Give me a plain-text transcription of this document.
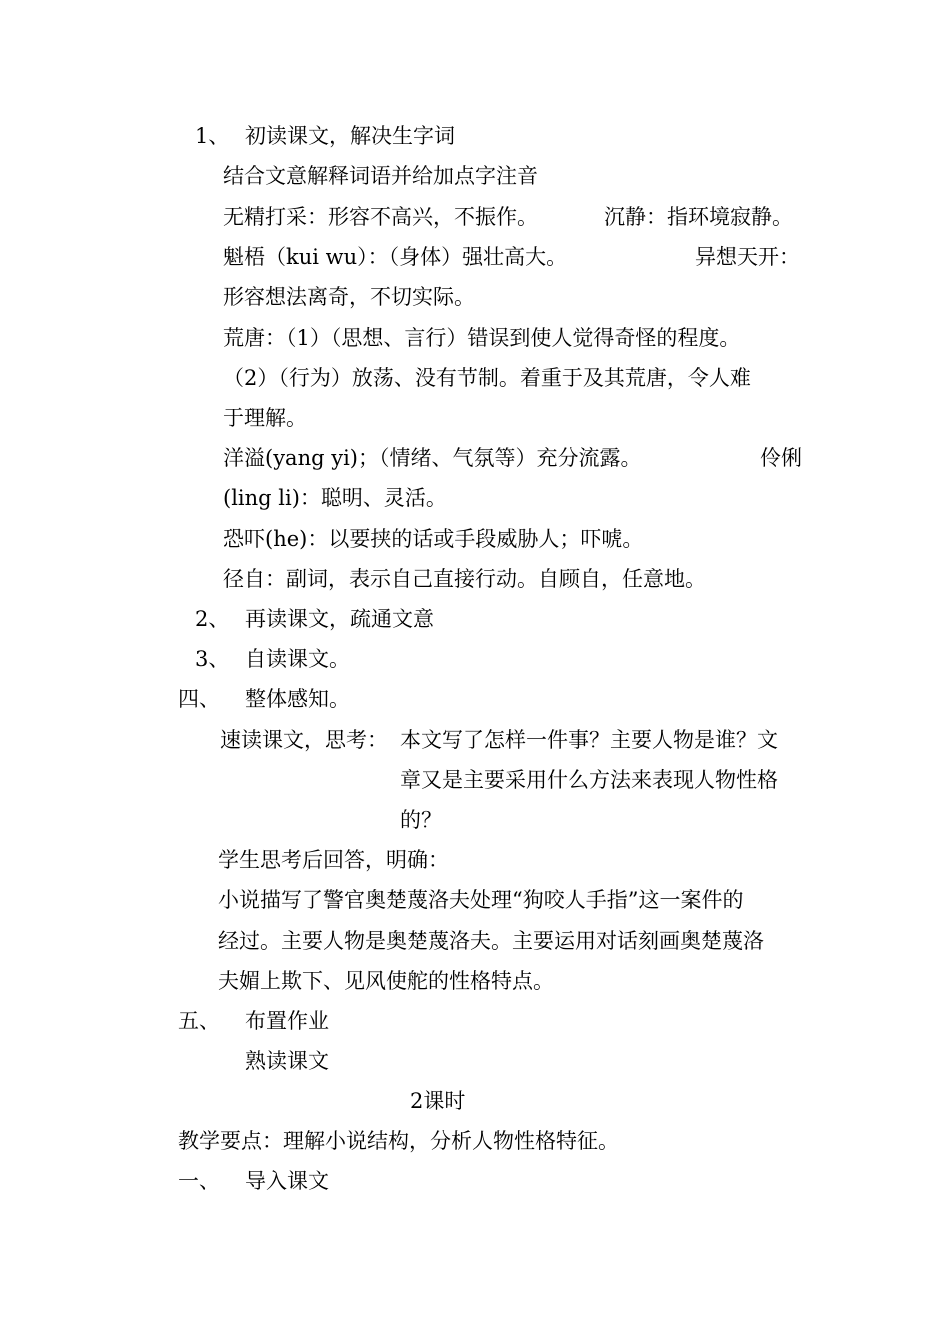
1、 初读课文，解决生字词
结合文意解释词语并给加点字注音
无精打采：形容不高兴，不振作。	沉静：指环境寂静。
魁梧（kui wu）：（身体）强壮高大。	异想天开：
形容想法离奇，不切实际。
荒唐：（1）（思想、言行）错误到使人觉得奇怪的程度。
（2）（行为）放荡、没有节制。着重于及其荒唐，令人难
于理解。
洋溢(yang yi)；（情绪、气氛等）充分流露。	伶俐
(ling li)：聪明、灵活。
恐吓(he)：以要挟的话或手段威胁人；吓唬。
径自：副词，表示自己直接行动。自顾自，任意地。
2、 再读课文，疏通文意
3、 自读课文。
四、 整体感知。
速读课文，思考： 本文写了怎样一件事？主要人物是谁？文
章又是主要采用什么方法来表现人物性格
的？
学生思考后回答，明确：
小说描写了警官奥楚蔑洛夫处理“狗咬人手指”这一案件的
经过。主要人物是奥楚蔑洛夫。主要运用对话刻画奥楚蔑洛
夫媚上欺下、见风使舵的性格特点。
五、 布置作业
熟读课文
2课时
教学要点：理解小说结构，分析人物性格特征。
一、 导入课文
